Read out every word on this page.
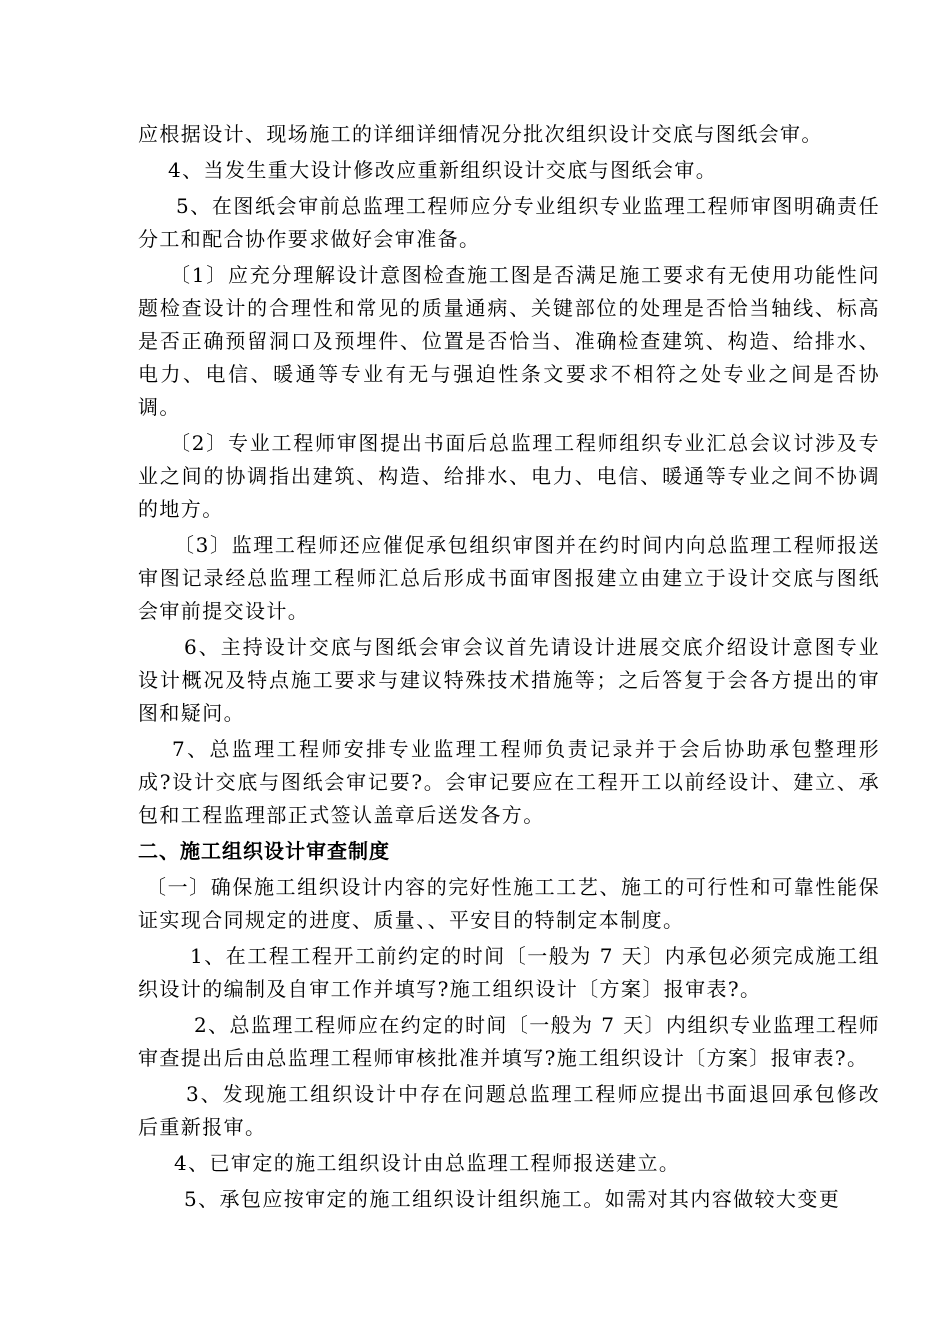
应根据设计、现场施工的详细详细情况分批次组织设计交底与图纸会审。

4、当发生重大设计修改应重新组织设计交底与图纸会审。

5、在图纸会审前总监理工程师应分专业组织专业监理工程师审图明确责任分工和配合协作要求做好会审准备。

〔1〕应充分理解设计意图检查施工图是否满足施工要求有无使用功能性问题检查设计的合理性和常见的质量通病、关键部位的处理是否恰当轴线、标高是否正确预留洞口及预埋件、位置是否恰当、准确检查建筑、构造、给排水、电力、电信、暖通等专业有无与强迫性条文要求不相符之处专业之间是否协调。

〔2〕专业工程师审图提出书面后总监理工程师组织专业汇总会议讨涉及专业之间的协调指出建筑、构造、给排水、电力、电信、暖通等专业之间不协调的地方。

〔3〕监理工程师还应催促承包组织审图并在约时间内向总监理工程师报送审图记录经总监理工程师汇总后形成书面审图报建立由建立于设计交底与图纸会审前提交设计。

6、主持设计交底与图纸会审会议首先请设计进展交底介绍设计意图专业设计概况及特点施工要求与建议特殊技术措施等；之后答复于会各方提出的审图和疑问。

7、总监理工程师安排专业监理工程师负责记录并于会后协助承包整理形成?设计交底与图纸会审记要?。会审记要应在工程开工以前经设计、建立、承包和工程监理部正式签认盖章后送发各方。

二、施工组织设计审查制度

〔一〕确保施工组织设计内容的完好性施工工艺、施工的可行性和可靠性能保证实现合同规定的进度、质量、、平安目的特制定本制度。

1、在工程工程开工前约定的时间〔一般为 7 天〕内承包必须完成施工组织设计的编制及自审工作并填写?施工组织设计〔方案〕报审表?。

2、总监理工程师应在约定的时间〔一般为 7 天〕内组织专业监理工程师审查提出后由总监理工程师审核批准并填写?施工组织设计〔方案〕报审表?。

3、发现施工组织设计中存在问题总监理工程师应提出书面退回承包修改后重新报审。

4、已审定的施工组织设计由总监理工程师报送建立。

5、承包应按审定的施工组织设计组织施工。如需对其内容做较大变更
